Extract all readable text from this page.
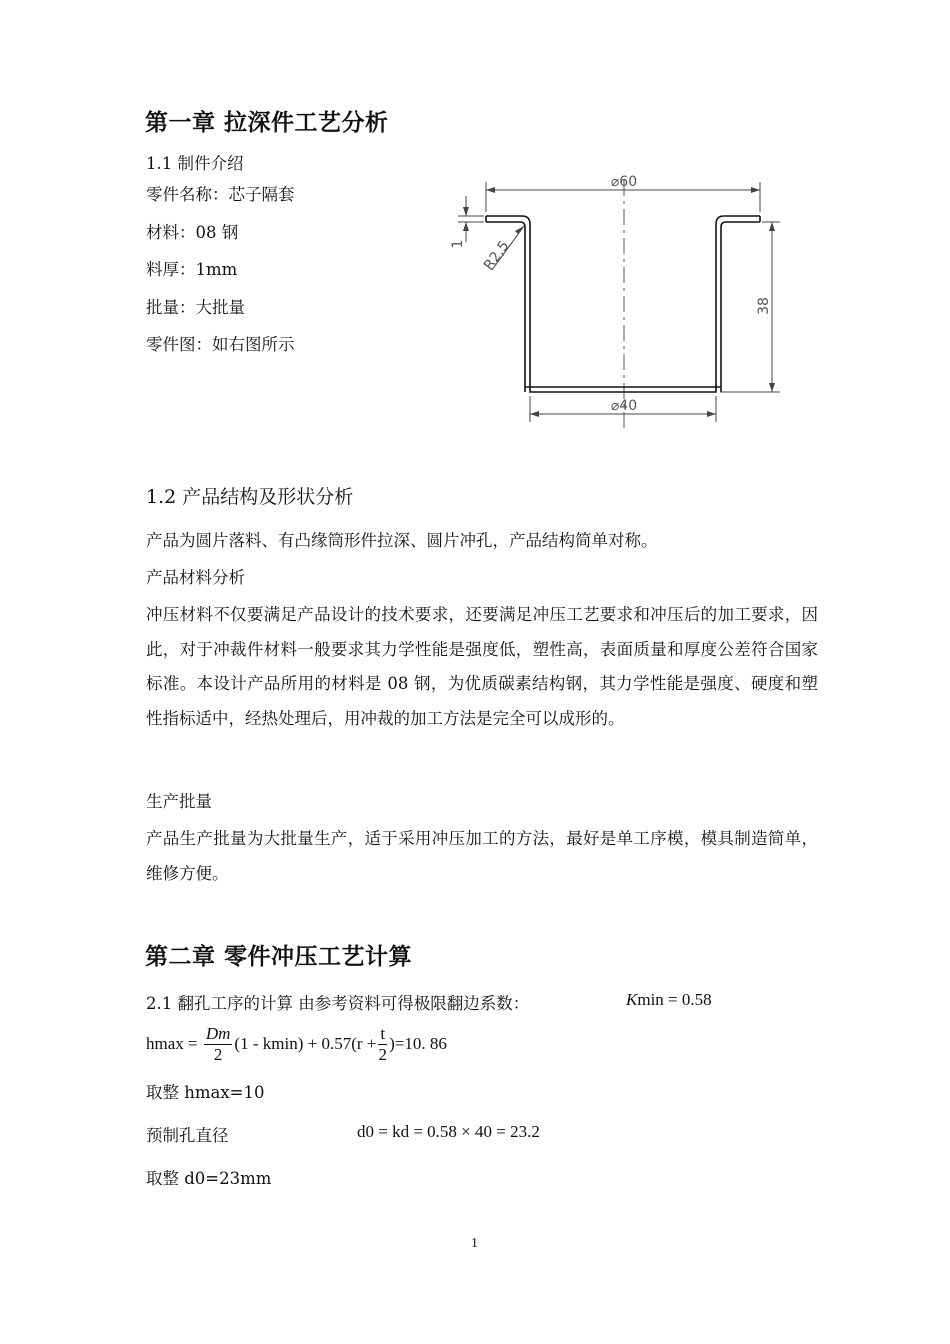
第一章 拉深件工艺分析
1.1 制件介绍
零件名称：芯子隔套
材料：08 钢
料厚：1mm
批量：大批量
零件图：如右图所示
⌀60
⌀40
38
1 R2,5
1.2 产品结构及形状分析
产品为圆片落料、有凸缘筒形件拉深、圆片冲孔，产品结构简单对称。
产品材料分析
冲压材料不仅要满足产品设计的技术要求，还要满足冲压工艺要求和冲压后的加工要求，因此，对于冲裁件材料一般要求其力学性能是强度低，塑性高，表面质量和厚度公差符合国家标准。本设计产品所用的材料是 08 钢，为优质碳素结构钢，其力学性能是强度、硬度和塑性指标适中，经热处理后，用冲裁的加工方法是完全可以成形的。
生产批量
产品生产批量为大批量生产，适于采用冲压加工的方法，最好是单工序模，模具制造简单，维修方便。
第二章 零件冲压工艺计算
2.1 翻孔工序的计算 由参考资料可得极限翻边系数：	Kmin = 0.58
$hmax = \frac{Dm}{2} (1 - kmin) + 0.57(r + \frac{t}{2} )=10$. 86
取整 hmax=10
预制孔直径	d0 = kd = 0.58 × 40 = 23.2
取整 d0=23mm
1
